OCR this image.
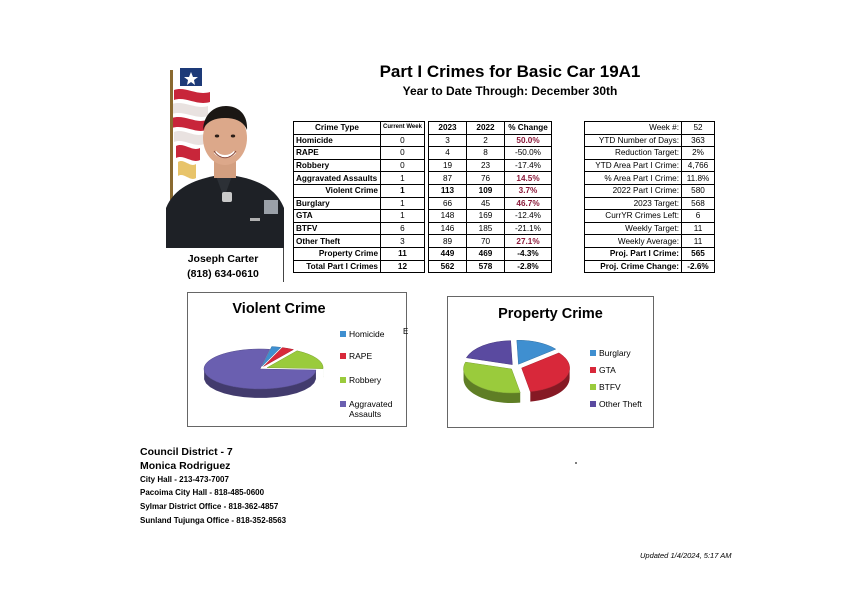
Part I Crimes for Basic Car 19A1
Year to Date Through: December 30th
Joseph Carter
(818) 634-0610
Crime Type	Current Week
Homicide	0
RAPE	0
Robbery	0
Aggravated Assaults	1
Violent Crime	1
Burglary	1
GTA	1
BTFV	6
Other Theft	3
Property Crime	11
Total Part I Crimes	12
2023	2022	% Change
3	2	50.0%
4	8	-50.0%
19	23	-17.4%
87	76	14.5%
113	109	3.7%
66	45	46.7%
148	169	-12.4%
146	185	-21.1%
89	70	27.1%
449	469	-4.3%
562	578	-2.8%
Week #:	52
YTD Number of Days:	363
Reduction Target:	2%
YTD Area Part I Crime:	4,766
% Area Part I Crime:	11.8%
2022 Part I Crime:	580
2023 Target:	568
CurrYR Crimes Left:	6
Weekly Target:	11
Weekly Average:	11
Proj. Part I Crime:	565
Proj. Crime Change:	-2.6%
Violent Crime
Homicide
RAPE
Robbery
Aggravated
Assaults
E
Property Crime
Burglary
GTA
BTFV
Other Theft
Council District - 7
Monica Rodriguez
City Hall - 213-473-7007
Pacoima City Hall - 818-485-0600
Sylmar District Office - 818-362-4857
Sunland Tujunga Office - 818-352-8563
Updated 1/4/2024, 5:17 AM
